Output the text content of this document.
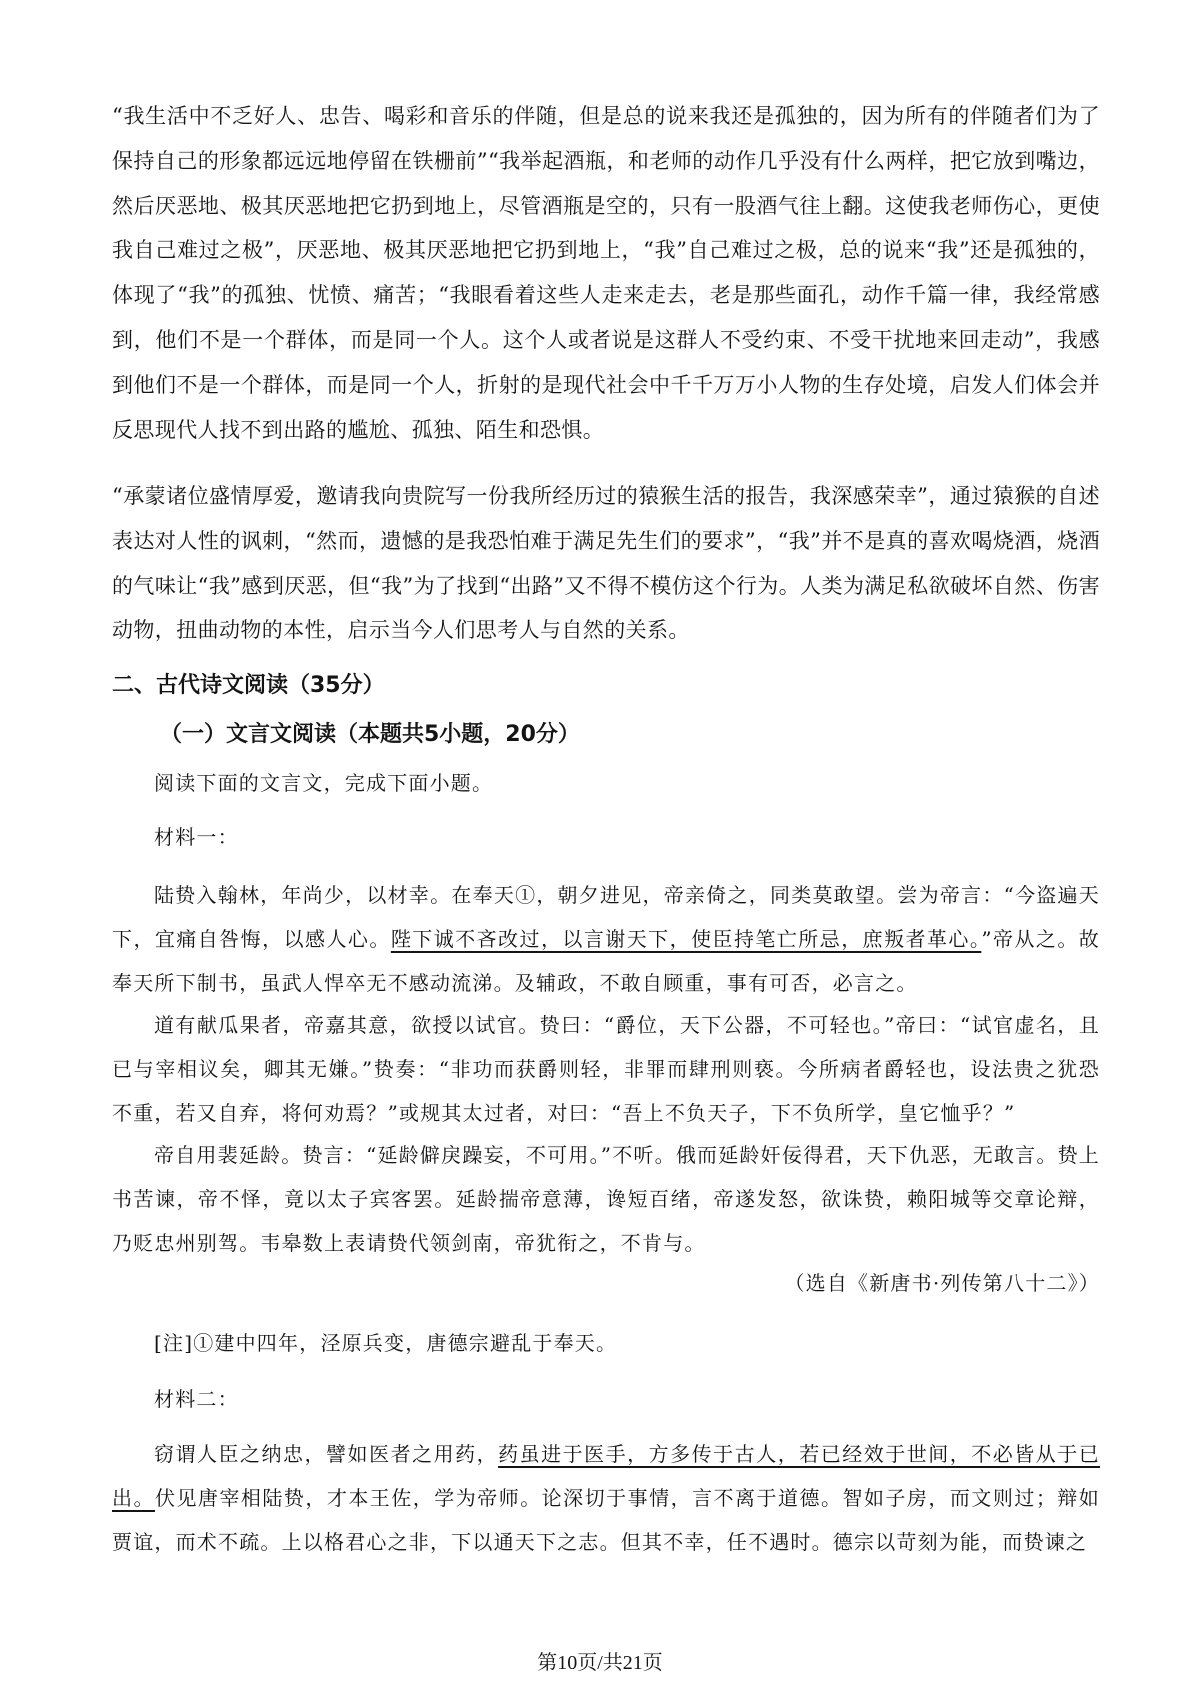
“我生活中不乏好人、忠告、喝彩和音乐的伴随，但是总的说来我还是孤独的，因为所有的伴随者们为了保持自己的形象都远远地停留在铁栅前”“我举起酒瓶，和老师的动作几乎没有什么两样，把它放到嘴边，然后厌恶地、极其厌恶地把它扔到地上，尽管酒瓶是空的，只有一股酒气往上翻。这使我老师伤心，更使我自己难过之极”，厌恶地、极其厌恶地把它扔到地上，“我”自己难过之极，总的说来“我”还是孤独的，体现了“我”的孤独、忧愤、痛苦；“我眼看着这些人走来走去，老是那些面孔，动作千篇一律，我经常感到，他们不是一个群体，而是同一个人。这个人或者说是这群人不受约束、不受干扰地来回走动”，我感到他们不是一个群体，而是同一个人，折射的是现代社会中千千万万小人物的生存处境，启发人们体会并反思现代人找不到出路的尴尬、孤独、陌生和恐惧。

“承蒙诸位盛情厚爱，邀请我向贵院写一份我所经历过的猿猴生活的报告，我深感荣幸”，通过猿猴的自述表达对人性的讽刺，“然而，遗憾的是我恐怕难于满足先生们的要求”，“我”并不是真的喜欢喝烧酒，烧酒的气味让“我”感到厌恶，但“我”为了找到“出路”又不得不模仿这个行为。人类为满足私欲破坏自然、伤害动物，扭曲动物的本性，启示当今人们思考人与自然的关系。

二、古代诗文阅读（35分）
（一）文言文阅读（本题共5小题，20分）

阅读下面的文言文，完成下面小题。

材料一：

陆贽入翰林，年尚少，以材幸。在奉天①，朝夕进见，帝亲倚之，同类莫敢望。尝为帝言：“今盗遍天下，宜痛自咎悔，以感人心。陛下诚不吝改过，以言谢天下，使臣持笔亡所忌，庶叛者革心。”帝从之。故奉天所下制书，虽武人悍卒无不感动流涕。及辅政，不敢自顾重，事有可否，必言之。

道有献瓜果者，帝嘉其意，欲授以试官。贽曰：“爵位，天下公器，不可轻也。”帝曰：“试官虚名，且已与宰相议矣，卿其无嫌。”贽奏：“非功而获爵则轻，非罪而肆刑则亵。今所病者爵轻也，设法贵之犹恐不重，若又自弃，将何劝焉？”或规其太过者，对曰：“吾上不负天子，下不负所学，皇它恤乎？”

帝自用裴延龄。贽言：“延龄僻戾躁妄，不可用。”不听。俄而延龄奸佞得君，天下仇恶，无敢言。贽上书苦谏，帝不怿，竟以太子宾客罢。延龄揣帝意薄，谗短百绪，帝遂发怒，欲诛贽，赖阳城等交章论辩，乃贬忠州别驾。韦皋数上表请贽代领剑南，帝犹衔之，不肯与。

（选自《新唐书·列传第八十二》）

[注]①建中四年，泾原兵变，唐德宗避乱于奉天。

材料二：

窃谓人臣之纳忠，譬如医者之用药，药虽进于医手，方多传于古人，若已经效于世间，不必皆从于已出。伏见唐宰相陆贽，才本王佐，学为帝师。论深切于事情，言不离于道德。智如子房，而文则过；辩如贾谊，而术不疏。上以格君心之非，下以通天下之志。但其不幸，任不遇时。德宗以苛刻为能，而贽谏之

第10页/共21页
